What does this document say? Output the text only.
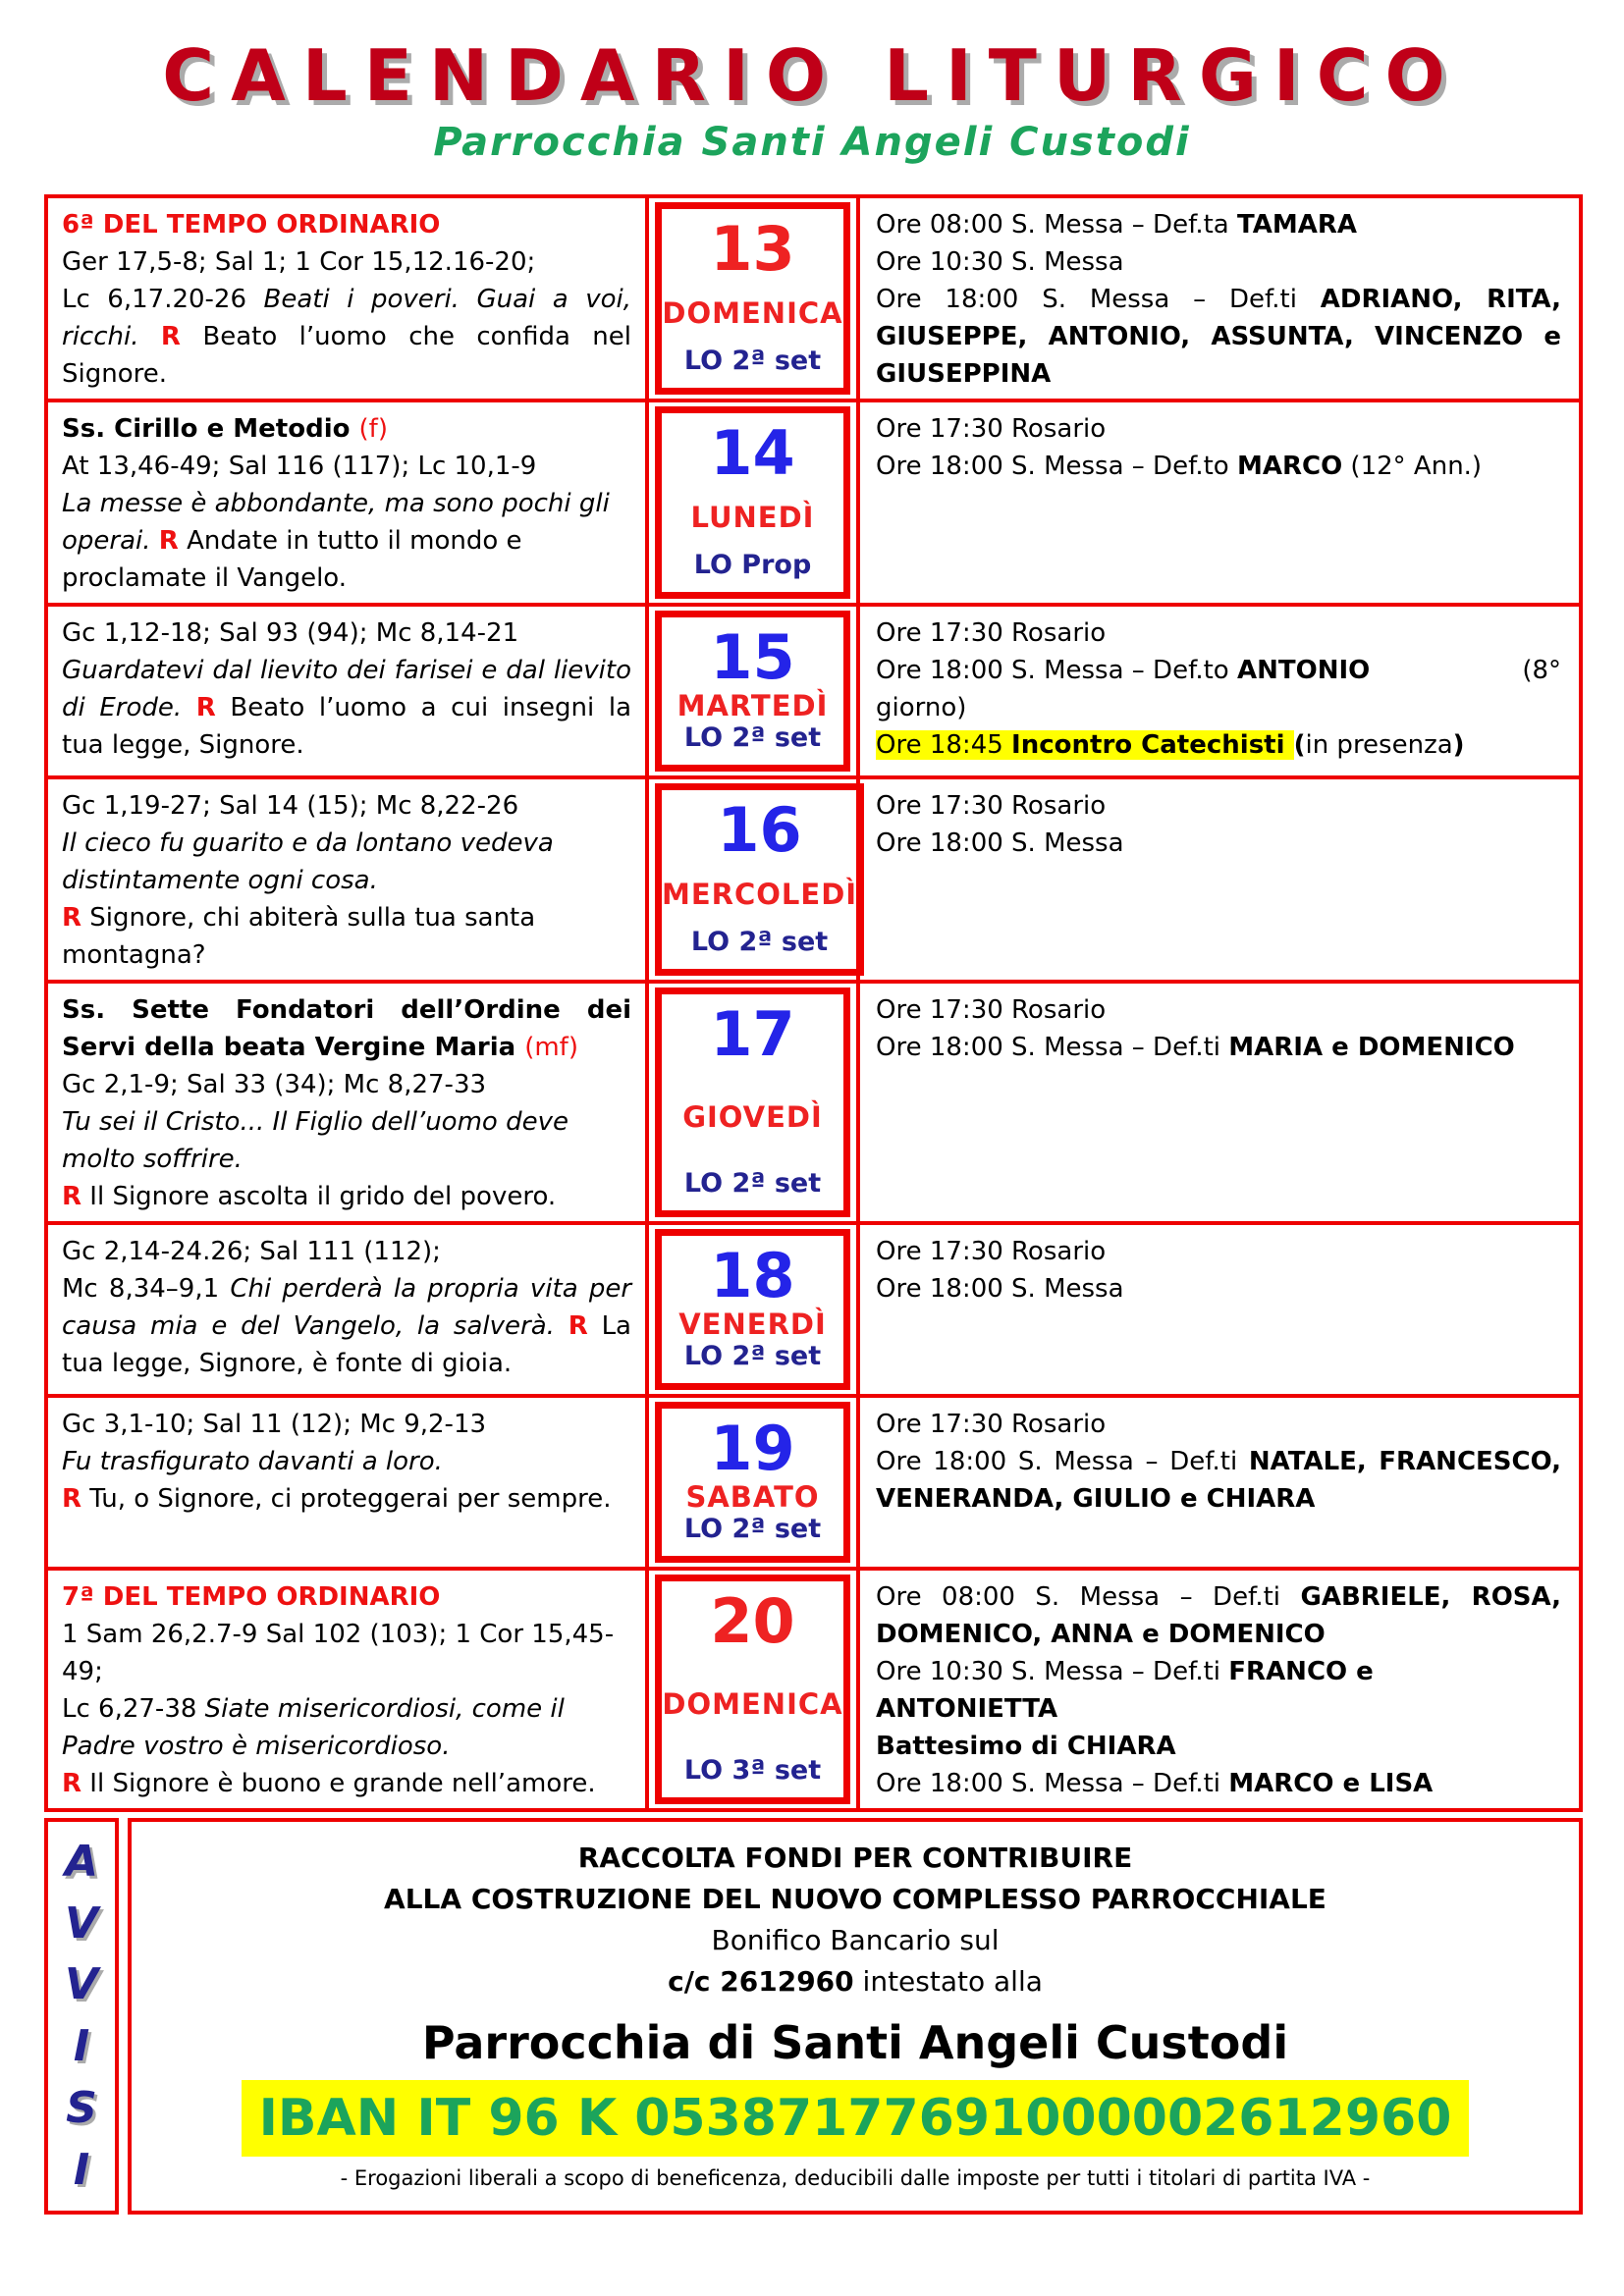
CALENDARIO LITURGICO
Parrocchia Santi Angeli Custodi
6ª DEL TEMPO ORDINARIO
Ger 17,5-8; Sal 1; 1 Cor 15,12.16-20;
Lc 6,17.20-26 Beati i poveri. Guai a voi, ricchi. R Beato l’uomo che confida nel Signore.
13
DOMENICA
LO 2ª set
Ore 08:00 S. Messa – Def.ta TAMARA
Ore 10:30 S. Messa
Ore 18:00 S. Messa – Def.ti ADRIANO, RITA, GIUSEPPE, ANTONIO, ASSUNTA, VINCENZO e GIUSEPPINA
Ss. Cirillo e Metodio (f)
At 13,46-49; Sal 116 (117); Lc 10,1-9
La messe è abbondante, ma sono pochi gli operai. R Andate in tutto il mondo e proclamate il Vangelo.
14
LUNEDÌ
LO Prop
Ore 17:30 Rosario
Ore 18:00 S. Messa – Def.to MARCO (12° Ann.)
Gc 1,12-18; Sal 93 (94); Mc 8,14-21
Guardatevi dal lievito dei farisei e dal lievito di Erode. R Beato l’uomo a cui insegni la tua legge, Signore.
15
MARTEDÌ
LO 2ª set
Ore 17:30 Rosario
Ore 18:00 S. Messa – Def.to ANTONIO	(8°
giorno)
Ore 18:45 Incontro Catechisti (in presenza)
Gc 1,19-27; Sal 14 (15); Mc 8,22-26
Il cieco fu guarito e da lontano vedeva distintamente ogni cosa.
R Signore, chi abiterà sulla tua santa montagna?
16
MERCOLEDÌ
LO 2ª set
Ore 17:30 Rosario
Ore 18:00 S. Messa
Ss. Sette Fondatori dell’Ordine dei Servi della beata Vergine Maria (mf)
Gc 2,1-9; Sal 33 (34); Mc 8,27-33
Tu sei il Cristo... Il Figlio dell’uomo deve molto soffrire.
R Il Signore ascolta il grido del povero.
17
GIOVEDÌ
LO 2ª set
Ore 17:30 Rosario
Ore 18:00 S. Messa – Def.ti MARIA e DOMENICO
Gc 2,14-24.26; Sal 111 (112);
Mc 8,34–9,1 Chi perderà la propria vita per causa mia e del Vangelo, la salverà. R La tua legge, Signore, è fonte di gioia.
18
VENERDÌ
LO 2ª set
Ore 17:30 Rosario
Ore 18:00 S. Messa
Gc 3,1-10; Sal 11 (12); Mc 9,2-13
Fu trasfigurato davanti a loro.
R Tu, o Signore, ci proteggerai per sempre.
19
SABATO
LO 2ª set
Ore 17:30 Rosario
Ore 18:00 S. Messa – Def.ti NATALE, FRANCESCO, VENERANDA, GIULIO e CHIARA
7ª DEL TEMPO ORDINARIO
1 Sam 26,2.7-9 Sal 102 (103); 1 Cor 15,45-49;
Lc 6,27-38 Siate misericordiosi, come il Padre vostro è misericordioso.
R Il Signore è buono e grande nell’amore.
20
DOMENICA
LO 3ª set
Ore 08:00 S. Messa – Def.ti GABRIELE, ROSA, DOMENICO, ANNA e DOMENICO
Ore 10:30 S. Messa – Def.ti FRANCO e ANTONIETTA
Battesimo di CHIARA
Ore 18:00 S. Messa – Def.ti MARCO e LISA
A
V
V
I
S
I
RACCOLTA FONDI PER CONTRIBUIRE
ALLA COSTRUZIONE DEL NUOVO COMPLESSO PARROCCHIALE
Bonifico Bancario sul
c/c 2612960 intestato alla
Parrocchia di Santi Angeli Custodi
IBAN IT 96 K 05387177691000002612960
- Erogazioni liberali a scopo di beneficenza, deducibili dalle imposte per tutti i titolari di partita IVA -
